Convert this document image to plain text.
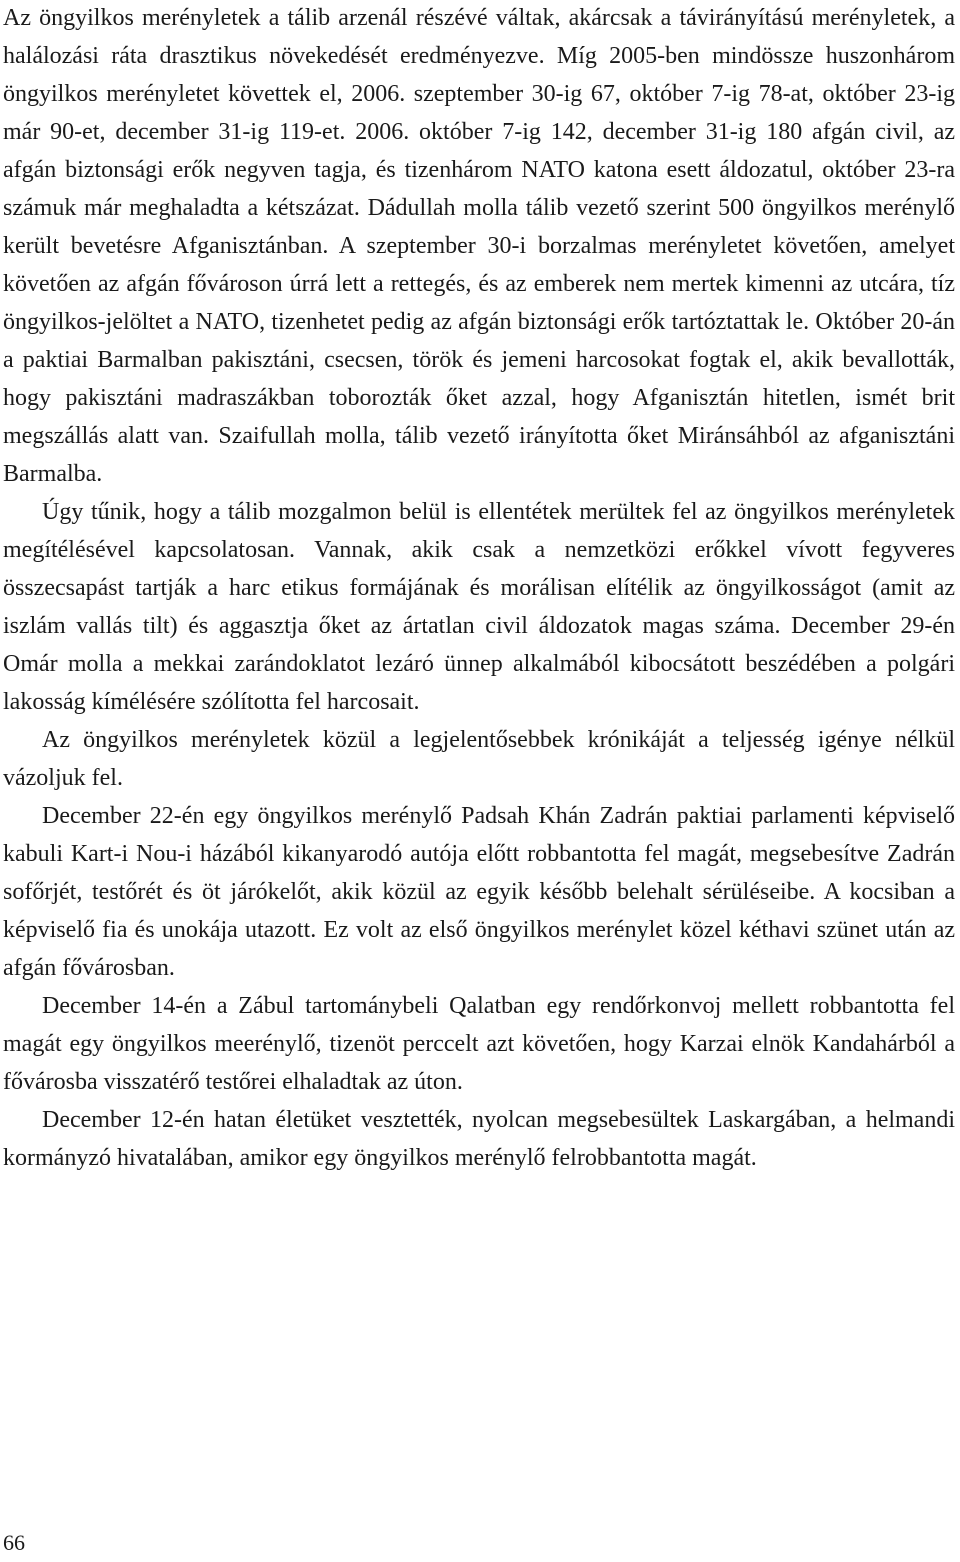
Az öngyilkos merényletek a tálib arzenál részévé váltak, akárcsak a távirányítású merényletek, a halálozási ráta drasztikus növekedését eredményezve. Míg 2005-ben mindössze huszonhárom öngyilkos merényletet követtek el, 2006. szeptember 30-ig 67, október 7-ig 78-at, október 23-ig már 90-et, december 31-ig 119-et. 2006. október 7-ig 142, december 31-ig 180 afgán civil, az afgán biztonsági erők negyven tagja, és tizenhárom NATO katona esett áldozatul, október 23-ra számuk már meghaladta a kétszázat. Dádullah molla tálib vezető szerint 500 öngyilkos merénylő került bevetésre Afganisztánban. A szeptember 30-i borzalmas merényletet követően, amelyet követően az afgán fővároson úrrá lett a rettegés, és az emberek nem mertek kimenni az utcára, tíz öngyilkos-jelöltet a NATO, tizenhetet pedig az afgán biztonsági erők tartóztattak le. Október 20-án a paktiai Barmalban pakisztáni, csecsen, török és jemeni harcosokat fogtak el, akik bevallották, hogy pakisztáni madraszákban toborozták őket azzal, hogy Afganisztán hitetlen, ismét brit megszállás alatt van. Szaifullah molla, tálib vezető irányította őket Miránsáhból az afganisztáni Barmalba.

Úgy tűnik, hogy a tálib mozgalmon belül is ellentétek merültek fel az öngyilkos merényletek megítélésével kapcsolatosan. Vannak, akik csak a nemzetközi erőkkel vívott fegyveres összecsapást tartják a harc etikus formájának és morálisan elítélik az öngyilkosságot (amit az iszlám vallás tilt) és aggasztja őket az ártatlan civil áldozatok magas száma. December 29-én Omár molla a mekkai zarándoklatot lezáró ünnep alkalmából kibocsátott beszédében a polgári lakosság kímélésére szólította fel harcosait.

Az öngyilkos merényletek közül a legjelentősebbek krónikáját a teljesség igénye nélkül vázoljuk fel.

December 22-én egy öngyilkos merénylő Padsah Khán Zadrán paktiai parlamenti képviselő kabuli Kart-i Nou-i házából kikanyarodó autója előtt robbantotta fel magát, megsebesítve Zadrán sofőrjét, testőrét és öt járókelőt, akik közül az egyik később belehalt sérüléseibe. A kocsiban a képviselő fia és unokája utazott. Ez volt az első öngyilkos merénylet közel kéthavi szünet után az afgán fővárosban.

December 14-én a Zábul tartománybeli Qalatban egy rendőrkonvoj mellett robbantotta fel magát egy öngyilkos meerénylő, tizenöt perccelt azt követően, hogy Karzai elnök Kandahárból a fővárosba visszatérő testőrei elhaladtak az úton.

December 12-én hatan életüket vesztették, nyolcan megsebesültek Laskargában, a helmandi kormányzó hivatalában, amikor egy öngyilkos merénylő felrobbantotta magát.

66
